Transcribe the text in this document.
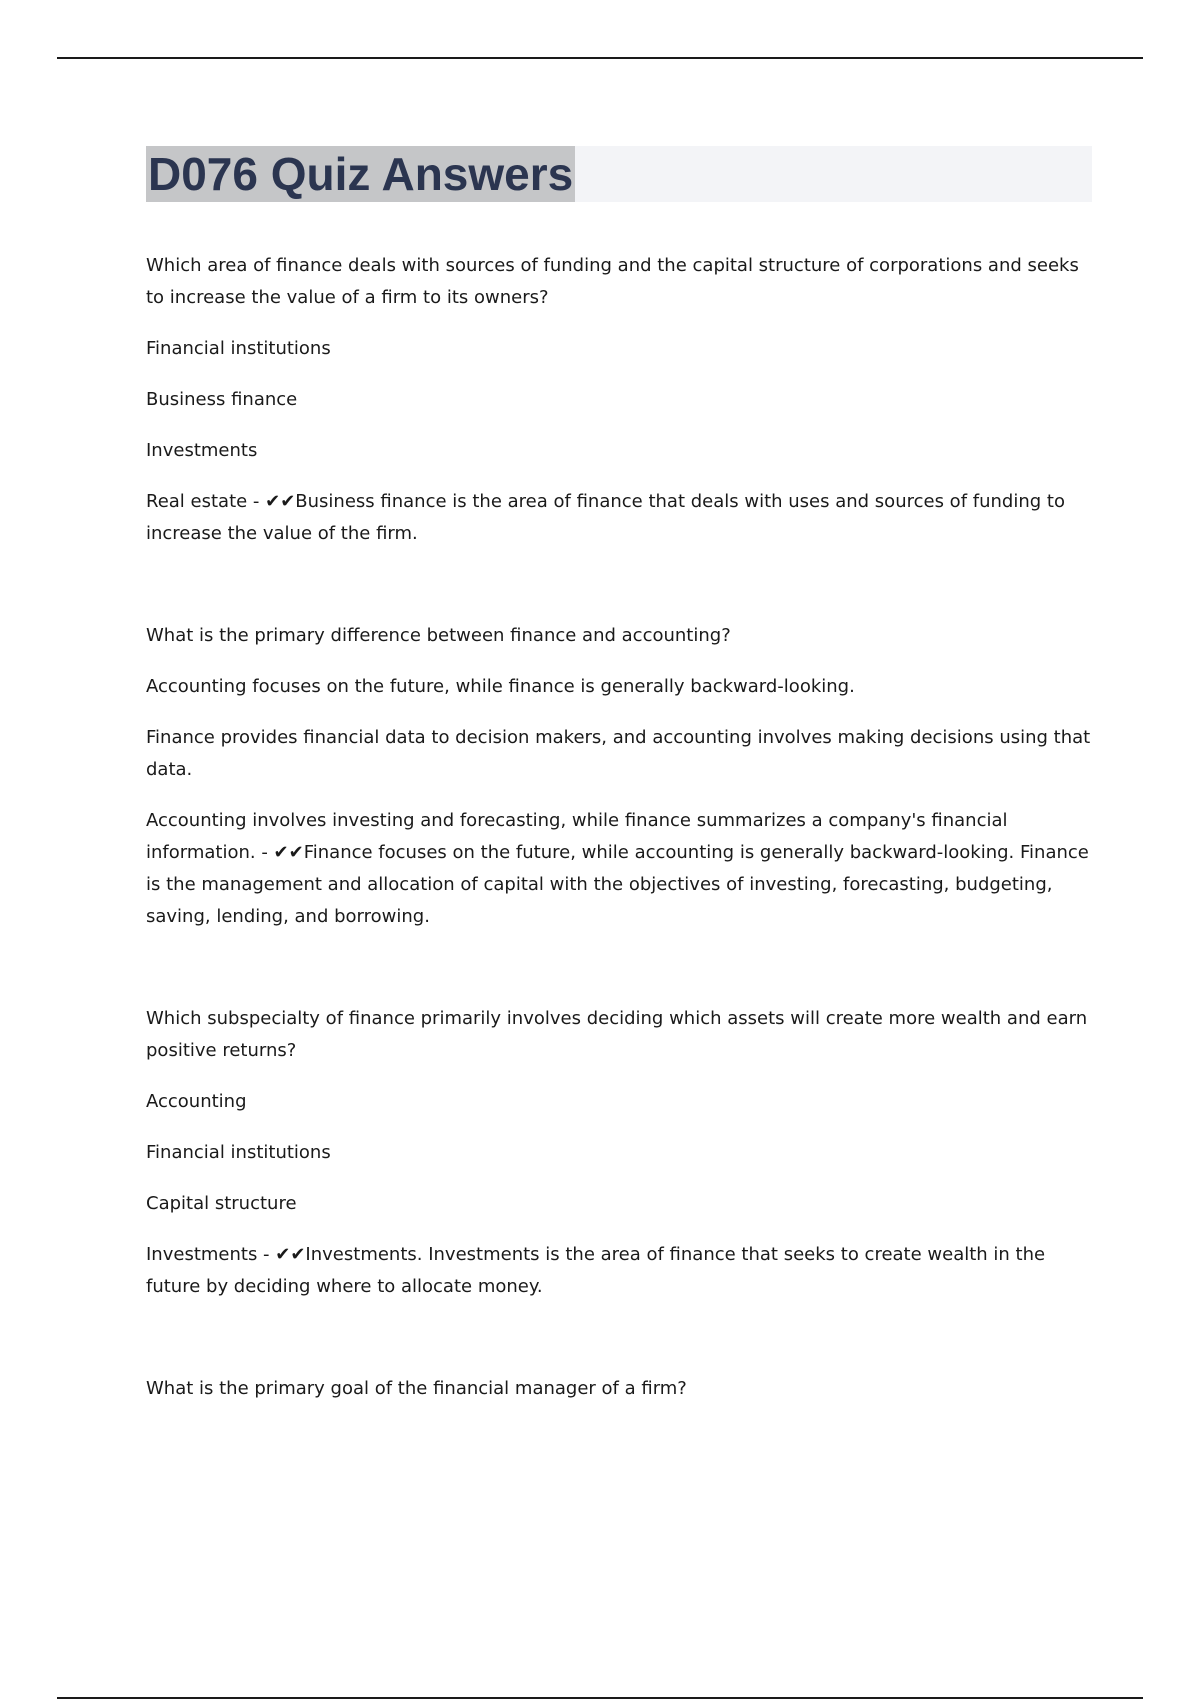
D076 Quiz Answers

Which area of finance deals with sources of funding and the capital structure of corporations and seeks to increase the value of a firm to its owners?

Financial institutions

Business finance

Investments

Real estate - ✔︎✔︎Business finance is the area of finance that deals with uses and sources of funding to increase the value of the firm.

What is the primary difference between finance and accounting?

Accounting focuses on the future, while finance is generally backward-looking.

Finance provides financial data to decision makers, and accounting involves making decisions using that data.

Accounting involves investing and forecasting, while finance summarizes a company's financial information. - ✔︎✔︎Finance focuses on the future, while accounting is generally backward-looking. Finance is the management and allocation of capital with the objectives of investing, forecasting, budgeting, saving, lending, and borrowing.

Which subspecialty of finance primarily involves deciding which assets will create more wealth and earn positive returns?

Accounting

Financial institutions

Capital structure

Investments - ✔︎✔︎Investments. Investments is the area of finance that seeks to create wealth in the future by deciding where to allocate money.

What is the primary goal of the financial manager of a firm?
